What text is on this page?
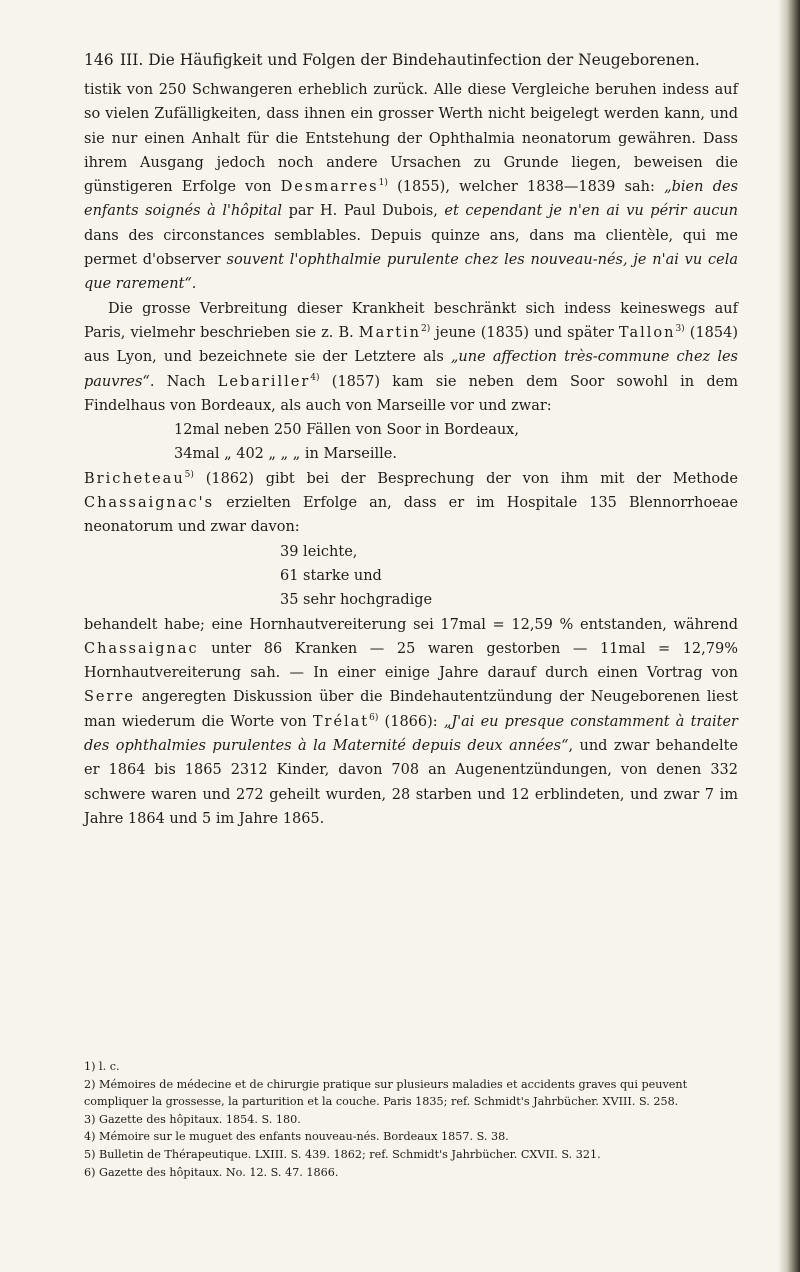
146 III. Die Häufigkeit und Folgen der Bindehautinfection der Neugeborenen.

tistik von 250 Schwangeren erheblich zurück. Alle diese Vergleiche beruhen indess auf so vielen Zufälligkeiten, dass ihnen ein grosser Werth nicht beigelegt werden kann, und sie nur einen Anhalt für die Entstehung der Ophthalmia neonatorum gewähren. Dass ihrem Ausgang jedoch noch andere Ursachen zu Grunde liegen, beweisen die günstigeren Erfolge von Desmarres$^{1)}$ (1855), welcher 1838—1839 sah: „bien des enfants soignés à l'hôpital par H. Paul Dubois, et cependant je n'en ai vu périr aucun dans des circonstances semblables. Depuis quinze ans, dans ma clientèle, qui me permet d'observer souvent l'ophthalmie purulente chez les nouveau-nés, je n'ai vu cela que rarement“.

Die grosse Verbreitung dieser Krankheit beschränkt sich indess keineswegs auf Paris, vielmehr beschrieben sie z. B. Martin$^{2)}$ jeune (1835) und später Tallon$^{3)}$ (1854) aus Lyon, und bezeichnete sie der Letztere als „une affection très-commune chez les pauvres“. Nach Lebariller$^{4)}$ (1857) kam sie neben dem Soor sowohl in dem Findelhaus von Bordeaux, als auch von Marseille vor und zwar:

12mal neben 250 Fällen von Soor in Bordeaux,
34mal „ 402 „ „ „ in Marseille.

Bricheteau$^{5)}$ (1862) gibt bei der Besprechung der von ihm mit der Methode Chassaignac's erzielten Erfolge an, dass er im Hospitale 135 Blennorrhoeae neonatorum und zwar davon:

39 leichte,
61 starke und
35 sehr hochgradige

behandelt habe; eine Hornhautvereiterung sei 17mal = 12,59 % entstanden, während Chassaignac unter 86 Kranken — 25 waren gestorben — 11mal = 12,79% Hornhautvereiterung sah. — In einer einige Jahre darauf durch einen Vortrag von Serre angeregten Diskussion über die Bindehautentzündung der Neugeborenen liest man wiederum die Worte von Trélat$^{6)}$ (1866): „J'ai eu presque constamment à traiter des ophthalmies purulentes à la Maternité depuis deux années“, und zwar behandelte er 1864 bis 1865 2312 Kinder, davon 708 an Augenentzündungen, von denen 332 schwere waren und 272 geheilt wurden, 28 starben und 12 erblindeten, und zwar 7 im Jahre 1864 und 5 im Jahre 1865.

1) l. c.
2) Mémoires de médecine et de chirurgie pratique sur plusieurs maladies et accidents graves qui peuvent compliquer la grossesse, la parturition et la couche. Paris 1835; ref. Schmidt's Jahrbücher. XVIII. S. 258.
3) Gazette des hôpitaux. 1854. S. 180.
4) Mémoire sur le muguet des enfants nouveau-nés. Bordeaux 1857. S. 38.
5) Bulletin de Thérapeutique. LXIII. S. 439. 1862; ref. Schmidt's Jahrbücher. CXVII. S. 321.
6) Gazette des hôpitaux. No. 12. S. 47. 1866.
